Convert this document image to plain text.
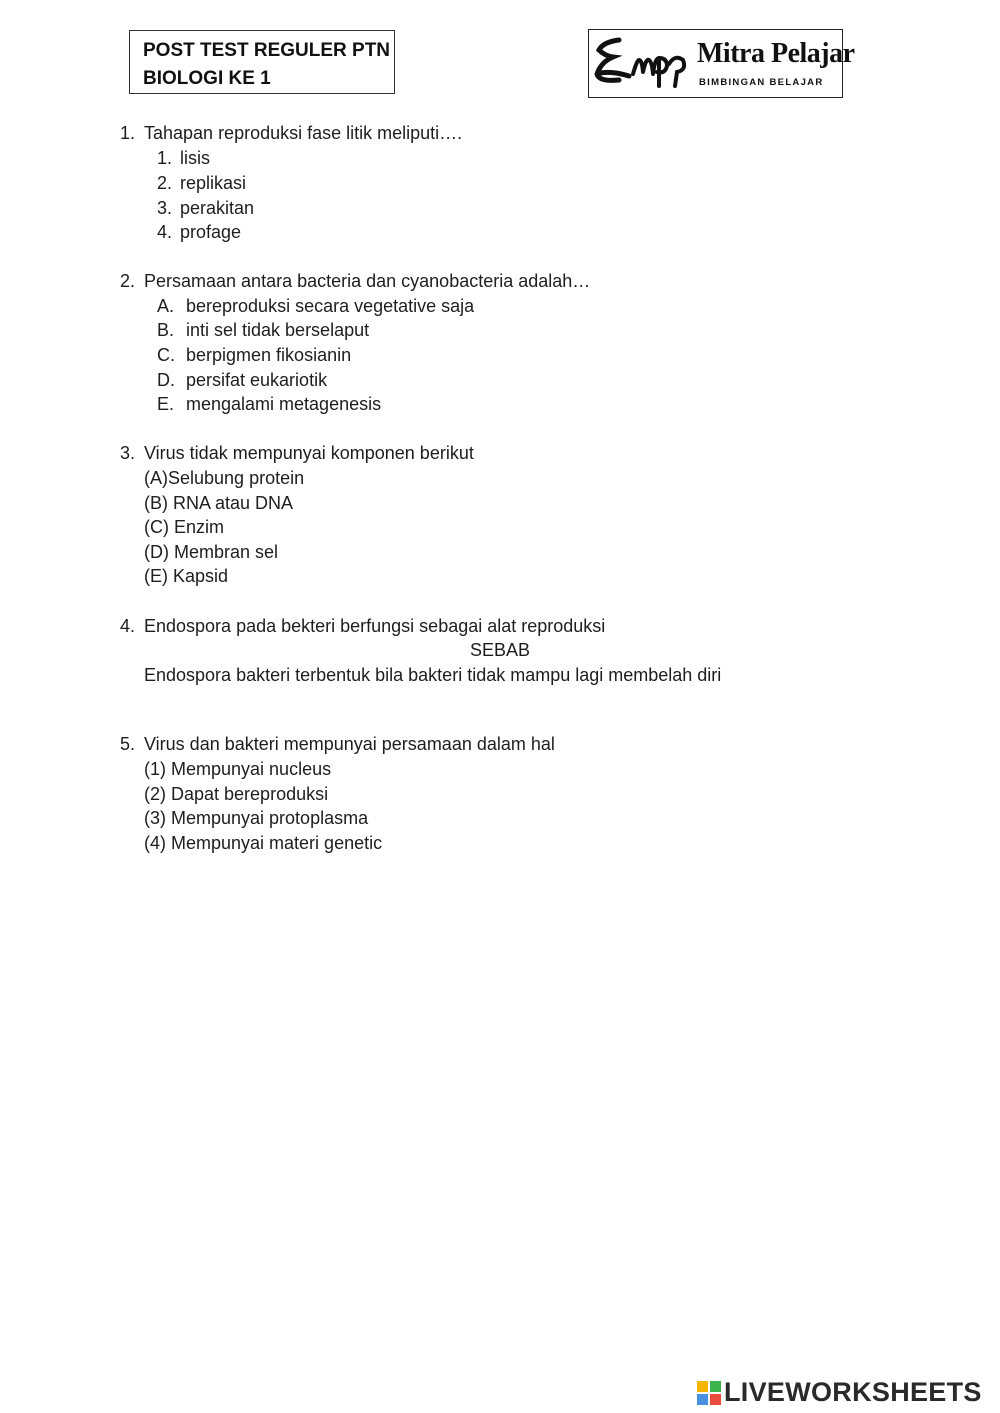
POST TEST REGULER PTN
BIOLOGI KE 1
Mitra Pelajar
BIMBINGAN BELAJAR
1. Tahapan reproduksi fase litik meliputi….
1. lisis
2. replikasi
3. perakitan
4. profage
2. Persamaan antara bacteria dan cyanobacteria adalah…
A. bereproduksi secara vegetative saja
B. inti sel tidak berselaput
C. berpigmen fikosianin
D. persifat eukariotik
E. mengalami metagenesis
3. Virus tidak mempunyai komponen berikut
(A)Selubung protein
(B) RNA atau DNA
(C) Enzim
(D) Membran sel
(E) Kapsid
4. Endospora pada bekteri berfungsi sebagai alat reproduksi
SEBAB
Endospora bakteri terbentuk bila bakteri tidak mampu lagi membelah diri
5. Virus dan bakteri mempunyai persamaan dalam hal
(1) Mempunyai nucleus
(2) Dapat bereproduksi
(3) Mempunyai protoplasma
(4) Mempunyai materi genetic
LIVEWORKSHEETS
